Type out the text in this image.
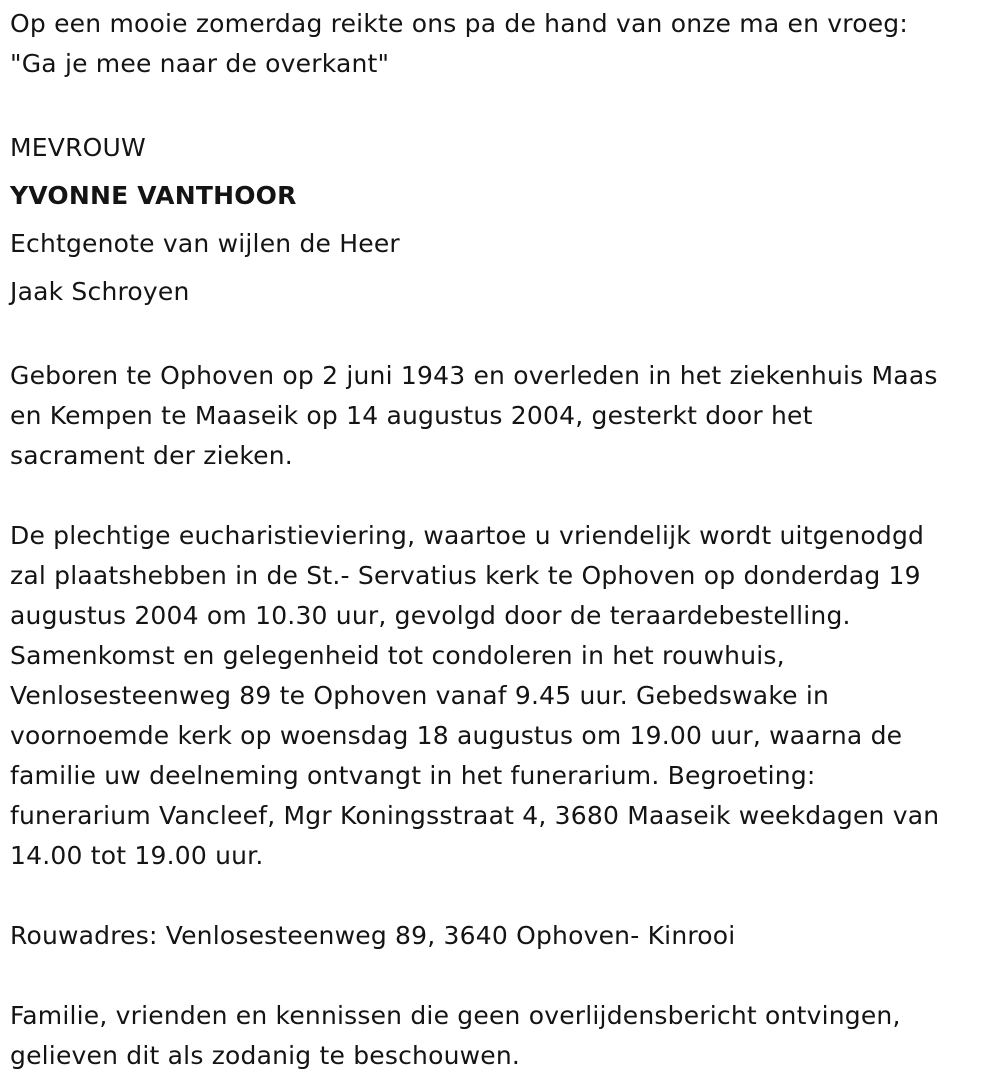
Op een mooie zomerdag reikte ons pa de hand van onze ma en vroeg:
"Ga je mee naar de overkant"
MEVROUW
YVONNE VANTHOOR
Echtgenote van wijlen de Heer
Jaak Schroyen
Geboren te Ophoven op 2 juni 1943 en overleden in het ziekenhuis Maas
en Kempen te Maaseik op 14 augustus 2004, gesterkt door het
sacrament der zieken.
De plechtige eucharistieviering, waartoe u vriendelijk wordt uitgenodgd
zal plaatshebben in de St.- Servatius kerk te Ophoven op donderdag 19
augustus 2004 om 10.30 uur, gevolgd door de teraardebestelling.
Samenkomst en gelegenheid tot condoleren in het rouwhuis,
Venlosesteenweg 89 te Ophoven vanaf 9.45 uur. Gebedswake in
voornoemde kerk op woensdag 18 augustus om 19.00 uur, waarna de
familie uw deelneming ontvangt in het funerarium. Begroeting:
funerarium Vancleef, Mgr Koningsstraat 4, 3680 Maaseik weekdagen van
14.00 tot 19.00 uur.
Rouwadres: Venlosesteenweg 89, 3640 Ophoven- Kinrooi
Familie, vrienden en kennissen die geen overlijdensbericht ontvingen,
gelieven dit als zodanig te beschouwen.
